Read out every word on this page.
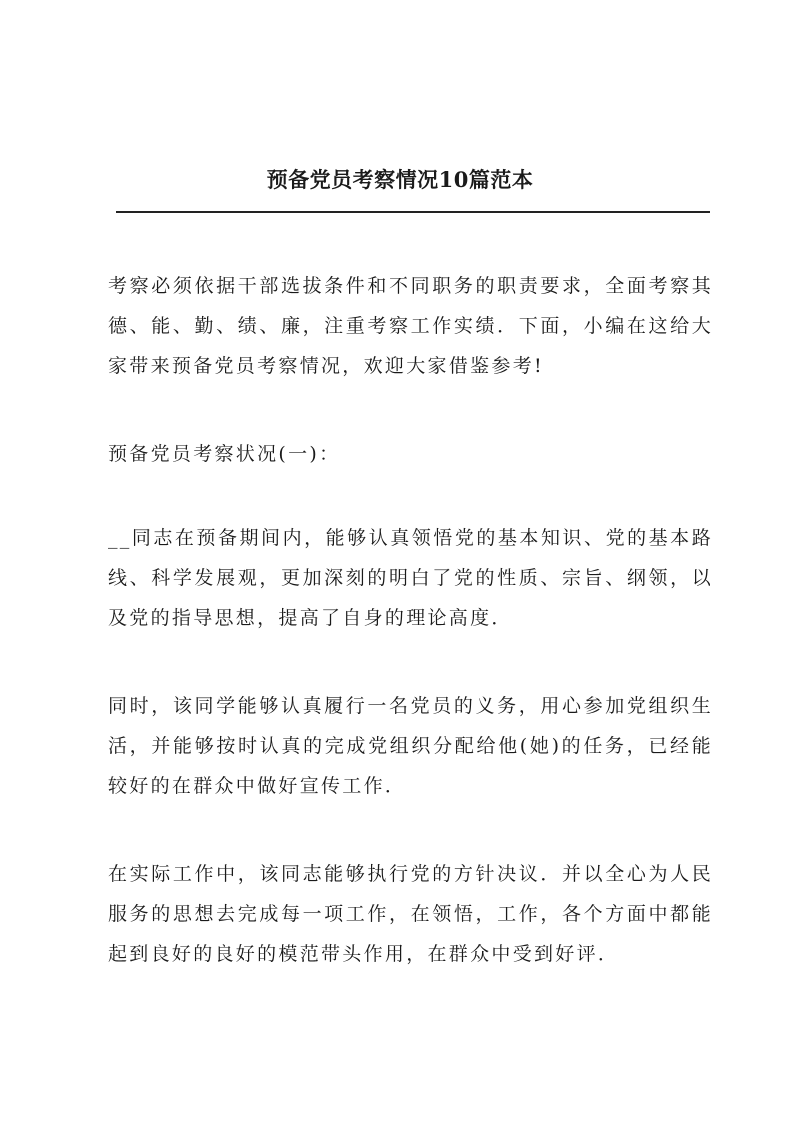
预备党员考察情况10篇范本

考察必须依据干部选拔条件和不同职务的职责要求，全面考察其德、能、勤、绩、廉，注重考察工作实绩．下面，小编在这给大家带来预备党员考察情况，欢迎大家借鉴参考!

预备党员考察状况(一)：

__同志在预备期间内，能够认真领悟党的基本知识、党的基本路线、科学发展观，更加深刻的明白了党的性质、宗旨、纲领，以及党的指导思想，提高了自身的理论高度．

同时，该同学能够认真履行一名党员的义务，用心参加党组织生活，并能够按时认真的完成党组织分配给他(她)的任务，已经能较好的在群众中做好宣传工作．

在实际工作中，该同志能够执行党的方针决议．并以全心为人民服务的思想去完成每一项工作，在领悟，工作，各个方面中都能起到良好的良好的模范带头作用，在群众中受到好评．
